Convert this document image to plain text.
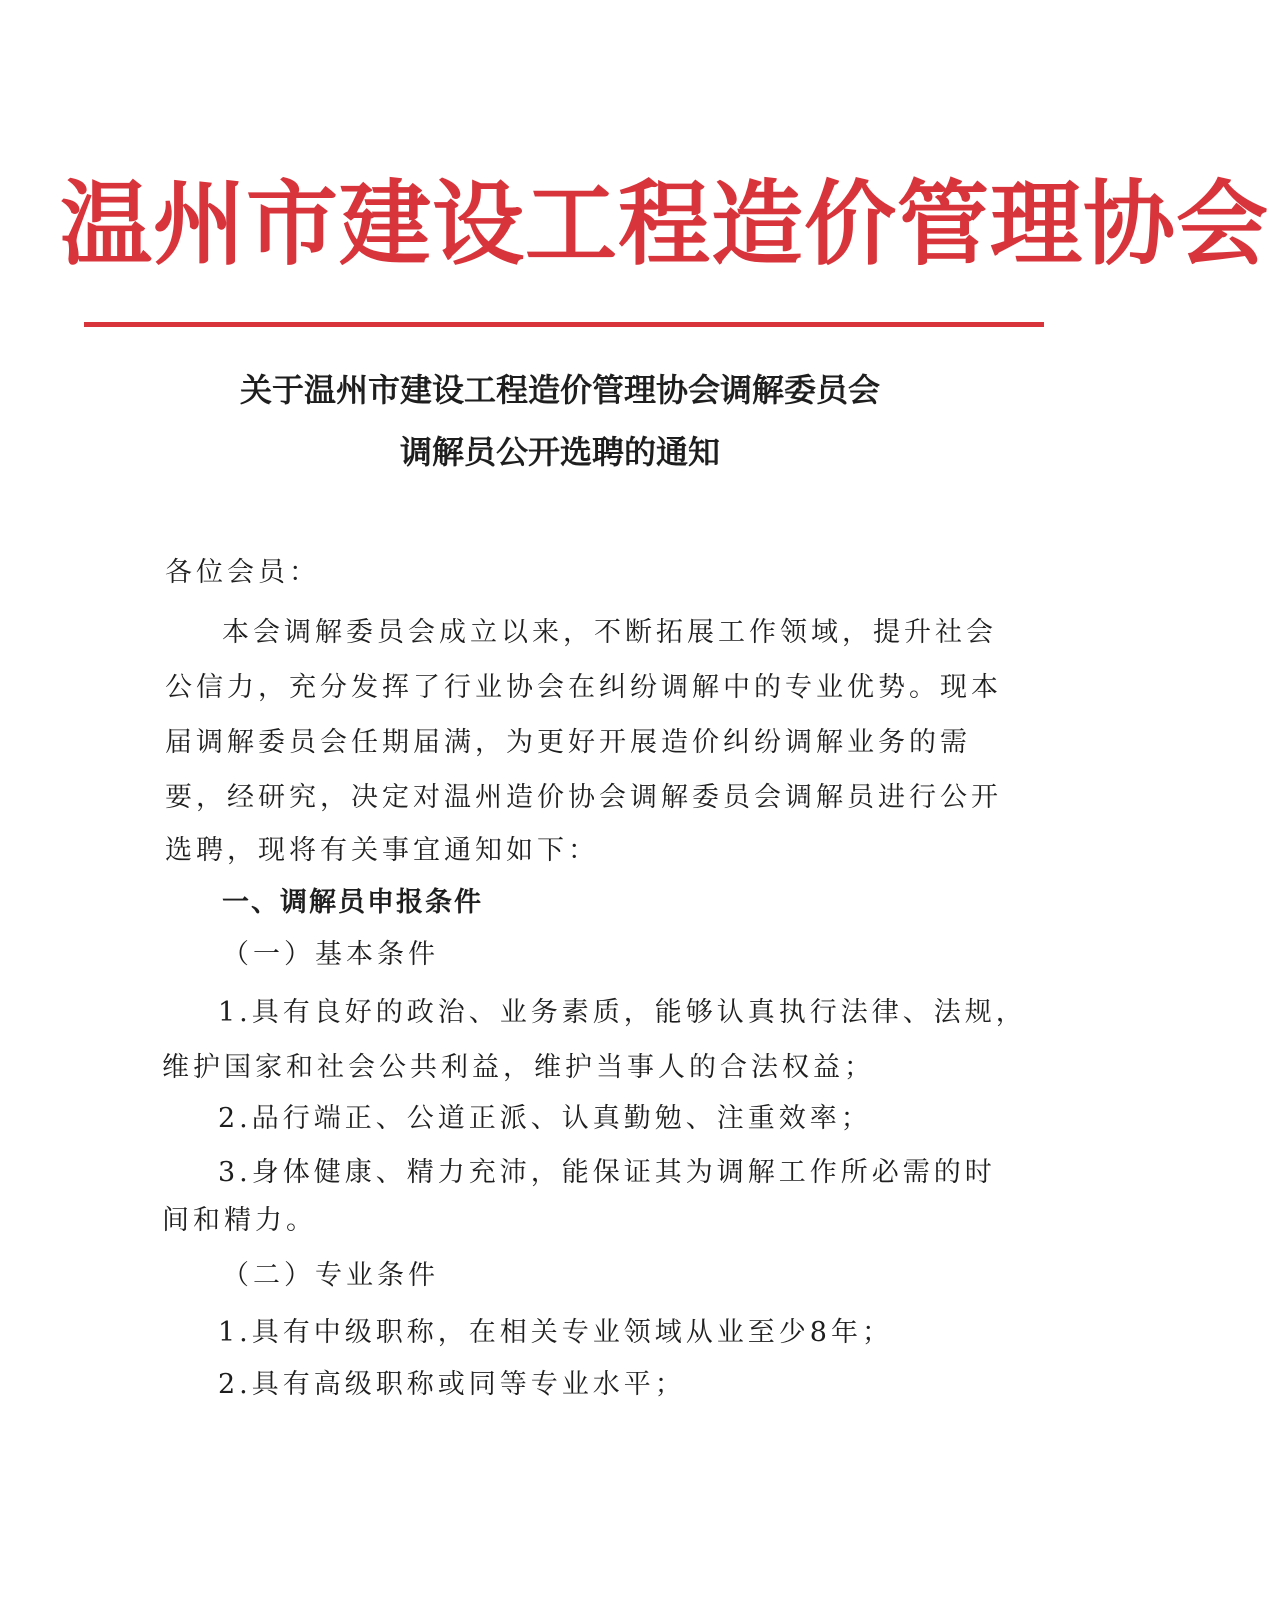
温州市建设工程造价管理协会
关于温州市建设工程造价管理协会调解委员会
调解员公开选聘的通知
各位会员：
本会调解委员会成立以来，不断拓展工作领域，提升社会
公信力，充分发挥了行业协会在纠纷调解中的专业优势。现本
届调解委员会任期届满，为更好开展造价纠纷调解业务的需
要，经研究，决定对温州造价协会调解委员会调解员进行公开
选聘，现将有关事宜通知如下：
一、调解员申报条件
（一）基本条件
1.具有良好的政治、业务素质，能够认真执行法律、法规，
维护国家和社会公共利益，维护当事人的合法权益；
2.品行端正、公道正派、认真勤勉、注重效率；
3.身体健康、精力充沛，能保证其为调解工作所必需的时
间和精力。
（二）专业条件
1.具有中级职称，在相关专业领域从业至少8年；
2.具有高级职称或同等专业水平；
